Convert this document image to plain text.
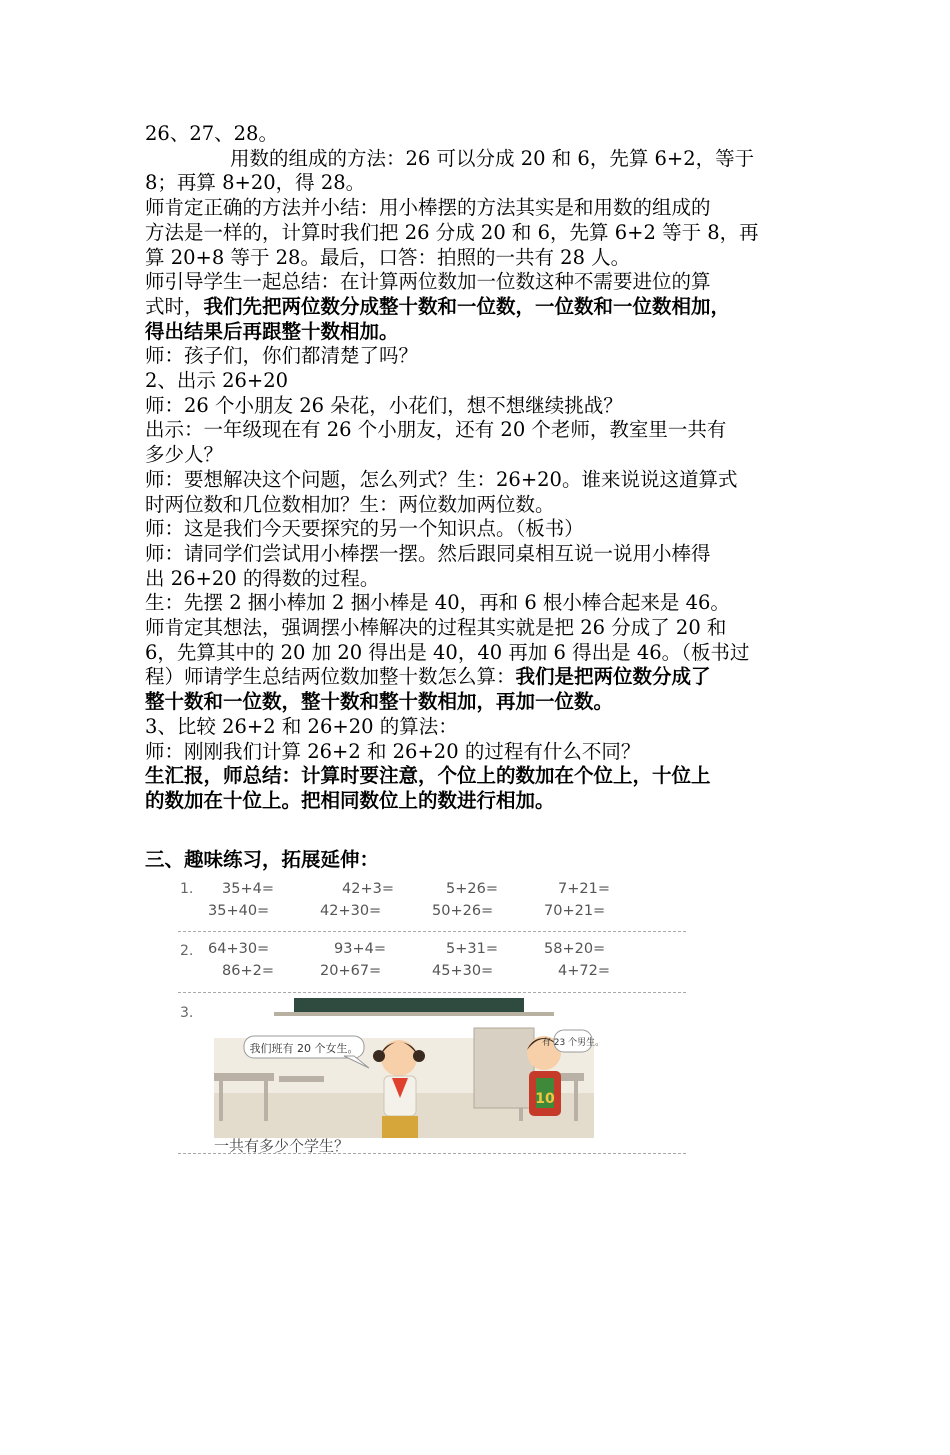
26、27、28。
用数的组成的方法：26 可以分成 20 和 6，先算 6+2，等于
8；再算 8+20，得 28。
师肯定正确的方法并小结：用小棒摆的方法其实是和用数的组成的
方法是一样的，计算时我们把 26 分成 20 和 6，先算 6+2 等于 8，再
算 20+8 等于 28。最后，口答：拍照的一共有 28 人。
师引导学生一起总结：在计算两位数加一位数这种不需要进位的算
式时，我们先把两位数分成整十数和一位数，一位数和一位数相加，
得出结果后再跟整十数相加。
师：孩子们，你们都清楚了吗？
2、出示 26+20
师：26 个小朋友 26 朵花，小花们，想不想继续挑战？
出示：一年级现在有 26 个小朋友，还有 20 个老师，教室里一共有
多少人？
师：要想解决这个问题，怎么列式？生：26+20。谁来说说这道算式
时两位数和几位数相加？生：两位数加两位数。
师：这是我们今天要探究的另一个知识点。（板书）
师：请同学们尝试用小棒摆一摆。然后跟同桌相互说一说用小棒得
出 26+20 的得数的过程。
生：先摆 2 捆小棒加 2 捆小棒是 40，再和 6 根小棒合起来是 46。
师肯定其想法，强调摆小棒解决的过程其实就是把 26 分成了 20 和
6，先算其中的 20 加 20 得出是 40，40 再加 6 得出是 46。（板书过
程）师请学生总结两位数加整十数怎么算：我们是把两位数分成了
整十数和一位数，整十数和整十数相加，再加一位数。
3、比较 26+2 和 26+20 的算法：
师：刚刚我们计算 26+2 和 26+20 的过程有什么不同？
生汇报，师总结：计算时要注意，个位上的数加在个位上，十位上
的数加在十位上。把相同数位上的数进行相加。
三、趣味练习，拓展延伸：
1. 35+4=	42+3=	5+26=	7+21=
35+40=	42+30=	50+26=	70+21=
2. 64+30=	93+4=	5+31=	58+20=
86+2=	20+67=	45+30=	4+72=
3.
10
我们班有 20 个女生。	有 23 个男生。
一共有多少个学生？
